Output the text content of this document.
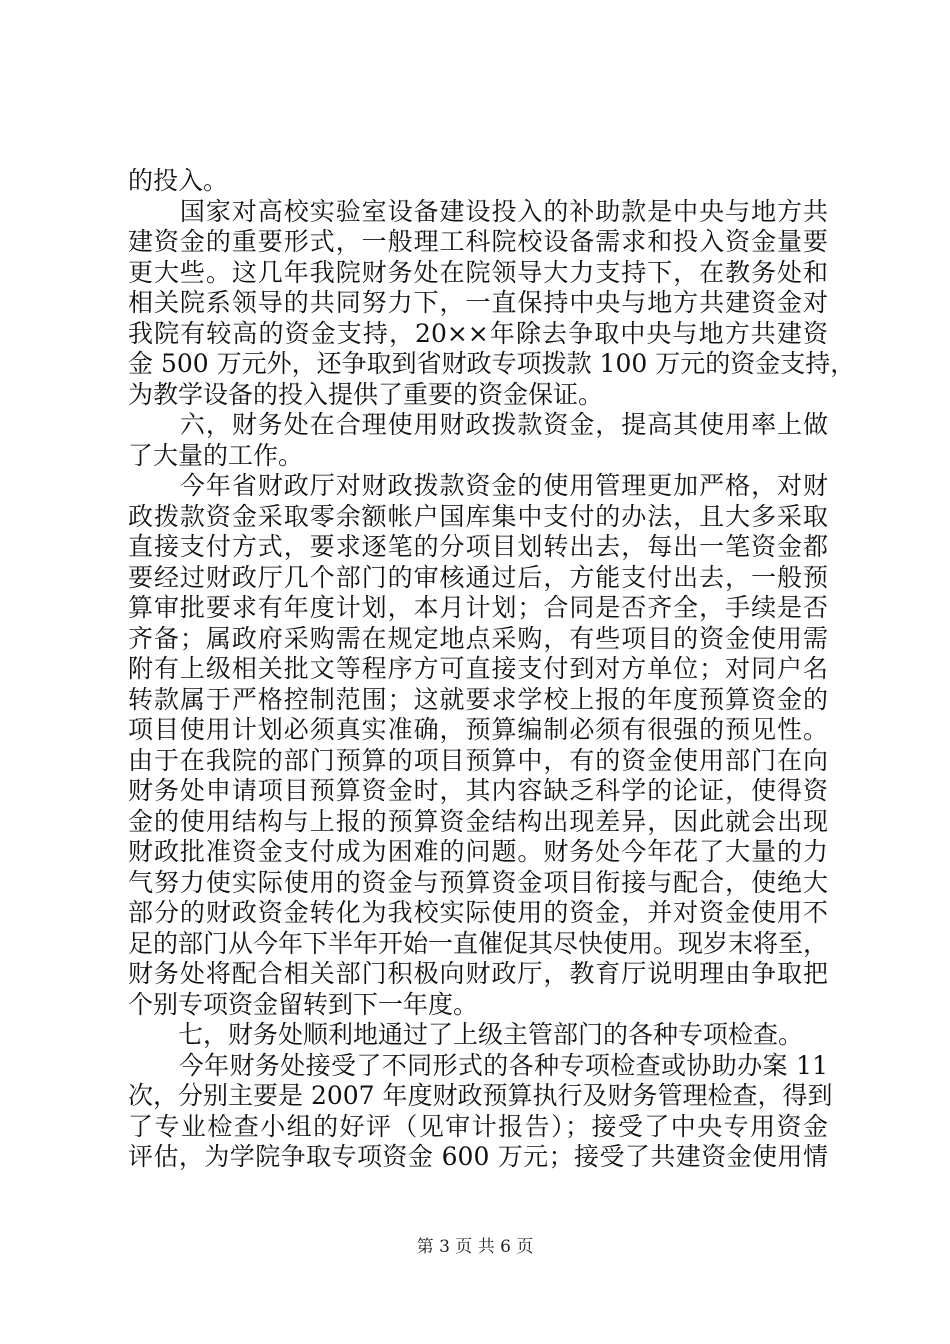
的投入。
　　国家对高校实验室设备建设投入的补助款是中央与地方共
建资金的重要形式，一般理工科院校设备需求和投入资金量要
更大些。这几年我院财务处在院领导大力支持下，在教务处和
相关院系领导的共同努力下，一直保持中央与地方共建资金对
我院有较高的资金支持，20××年除去争取中央与地方共建资
金 500 万元外，还争取到省财政专项拨款 100 万元的资金支持，
为教学设备的投入提供了重要的资金保证。
　　六，财务处在合理使用财政拨款资金，提高其使用率上做
了大量的工作。
　　今年省财政厅对财政拨款资金的使用管理更加严格，对财
政拨款资金采取零余额帐户国库集中支付的办法，且大多采取
直接支付方式，要求逐笔的分项目划转出去，每出一笔资金都
要经过财政厅几个部门的审核通过后，方能支付出去，一般预
算审批要求有年度计划，本月计划；合同是否齐全，手续是否
齐备；属政府采购需在规定地点采购，有些项目的资金使用需
附有上级相关批文等程序方可直接支付到对方单位；对同户名
转款属于严格控制范围；这就要求学校上报的年度预算资金的
项目使用计划必须真实准确，预算编制必须有很强的预见性。
由于在我院的部门预算的项目预算中，有的资金使用部门在向
财务处申请项目预算资金时，其内容缺乏科学的论证，使得资
金的使用结构与上报的预算资金结构出现差异，因此就会出现
财政批准资金支付成为困难的问题。财务处今年花了大量的力
气努力使实际使用的资金与预算资金项目衔接与配合，使绝大
部分的财政资金转化为我校实际使用的资金，并对资金使用不
足的部门从今年下半年开始一直催促其尽快使用。现岁末将至，
财务处将配合相关部门积极向财政厅，教育厅说明理由争取把
个别专项资金留转到下一年度。
　　七，财务处顺利地通过了上级主管部门的各种专项检查。
　　今年财务处接受了不同形式的各种专项检查或协助办案 11
次，分别主要是 2007 年度财政预算执行及财务管理检查，得到
了专业检查小组的好评（见审计报告）；接受了中央专用资金
评估，为学院争取专项资金 600 万元；接受了共建资金使用情
第 3 页 共 6 页
